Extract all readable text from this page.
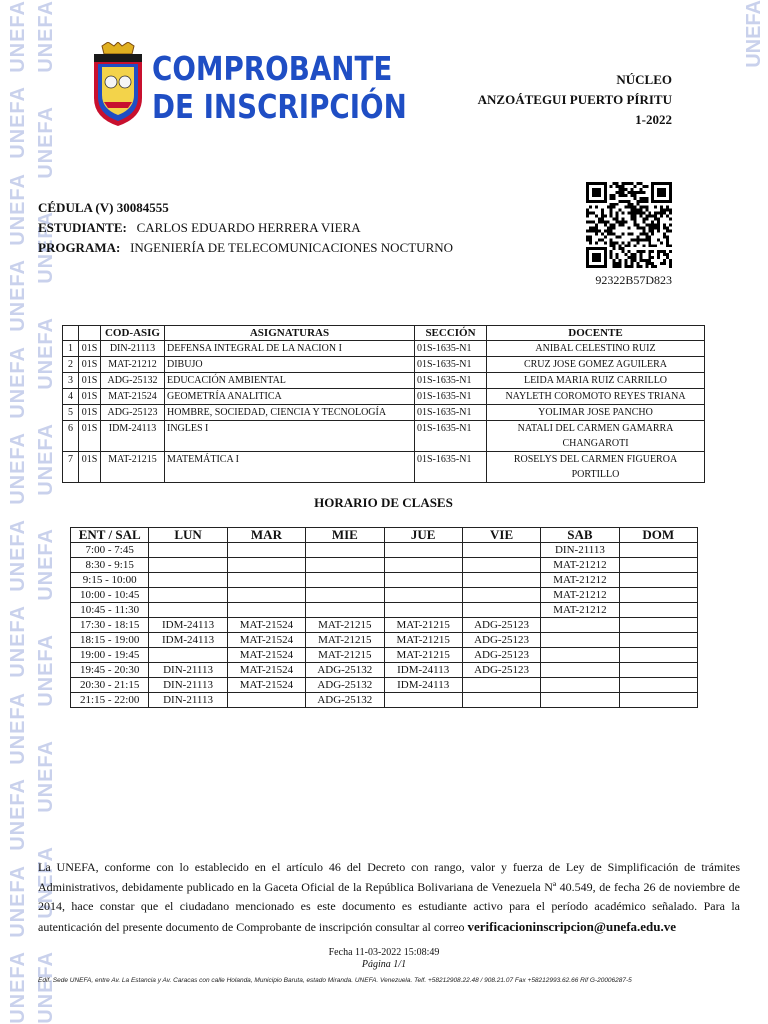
UNEFA
UNEFA
UNEFA
UNEFA
UNEFA
UNEFA
UNEFA
UNEFA
UNEFA
UNEFA
UNEFA
UNEFA
UNEFA
UNEFA
UNEFA
UNEFA
UNEFA
UNEFA
UNEFA
UNEFA
UNEFA
UNEFA
UNEFA
COMPROBANTE
DE INSCRIPCIÓN
NÚCLEO
ANZOÁTEGUI PUERTO PÍRITU
1-2022
CÉDULA (V) 30084555
ESTUDIANTE: CARLOS EDUARDO HERRERA VIERA
PROGRAMA: INGENIERÍA DE TELECOMUNICACIONES NOCTURNO
92322B57D823
		COD-ASIG	ASIGNATURAS	SECCIÓN	DOCENTE
1	01S	DIN-21113	DEFENSA INTEGRAL DE LA NACION I	01S-1635-N1	ANIBAL CELESTINO RUIZ
2	01S	MAT-21212	DIBUJO	01S-1635-N1	CRUZ JOSE GOMEZ AGUILERA
3	01S	ADG-25132	EDUCACIÓN AMBIENTAL	01S-1635-N1	LEIDA MARIA RUIZ CARRILLO
4	01S	MAT-21524	GEOMETRÍA ANALITICA	01S-1635-N1	NAYLETH COROMOTO REYES TRIANA
5	01S	ADG-25123	HOMBRE, SOCIEDAD, CIENCIA Y TECNOLOGÍA	01S-1635-N1	YOLIMAR JOSE PANCHO
6	01S	IDM-24113	INGLES I	01S-1635-N1	NATALI DEL CARMEN GAMARRA CHANGAROTI
7	01S	MAT-21215	MATEMÁTICA I	01S-1635-N1	ROSELYS DEL CARMEN FIGUEROA PORTILLO
HORARIO DE CLASES
ENT / SAL	LUN	MAR	MIE	JUE	VIE	SAB	DOM
7:00 - 7:45						DIN-21113	
8:30 - 9:15						MAT-21212	
9:15 - 10:00						MAT-21212	
10:00 - 10:45						MAT-21212	
10:45 - 11:30						MAT-21212	
17:30 - 18:15	IDM-24113	MAT-21524	MAT-21215	MAT-21215	ADG-25123		
18:15 - 19:00	IDM-24113	MAT-21524	MAT-21215	MAT-21215	ADG-25123		
19:00 - 19:45		MAT-21524	MAT-21215	MAT-21215	ADG-25123		
19:45 - 20:30	DIN-21113	MAT-21524	ADG-25132	IDM-24113	ADG-25123		
20:30 - 21:15	DIN-21113	MAT-21524	ADG-25132	IDM-24113			
21:15 - 22:00	DIN-21113		ADG-25132				
La UNEFA, conforme con lo establecido en el artículo 46 del Decreto con rango, valor y fuerza de Ley de Simplificación de trámites Administrativos, debidamente publicado en la Gaceta Oficial de la República Bolivariana de Venezuela Nª 40.549, de fecha 26 de noviembre de 2014, hace constar que el ciudadano mencionado es este documento es estudiante activo para el período académico señalado. Para la autenticación del presente documento de Comprobante de inscripción consultar al correo verificacioninscripcion@unefa.edu.ve
Fecha 11-03-2022 15:08:49
Página 1/1
Edif. Sede UNEFA, entre Av. La Estancia y Av. Caracas con calle Holanda, Municipio Baruta, estado Miranda. UNEFA. Venezuela. Telf. +58212908.22.48 / 908.21.07 Fax +58212993.62.66 Rif G-20006287-5
